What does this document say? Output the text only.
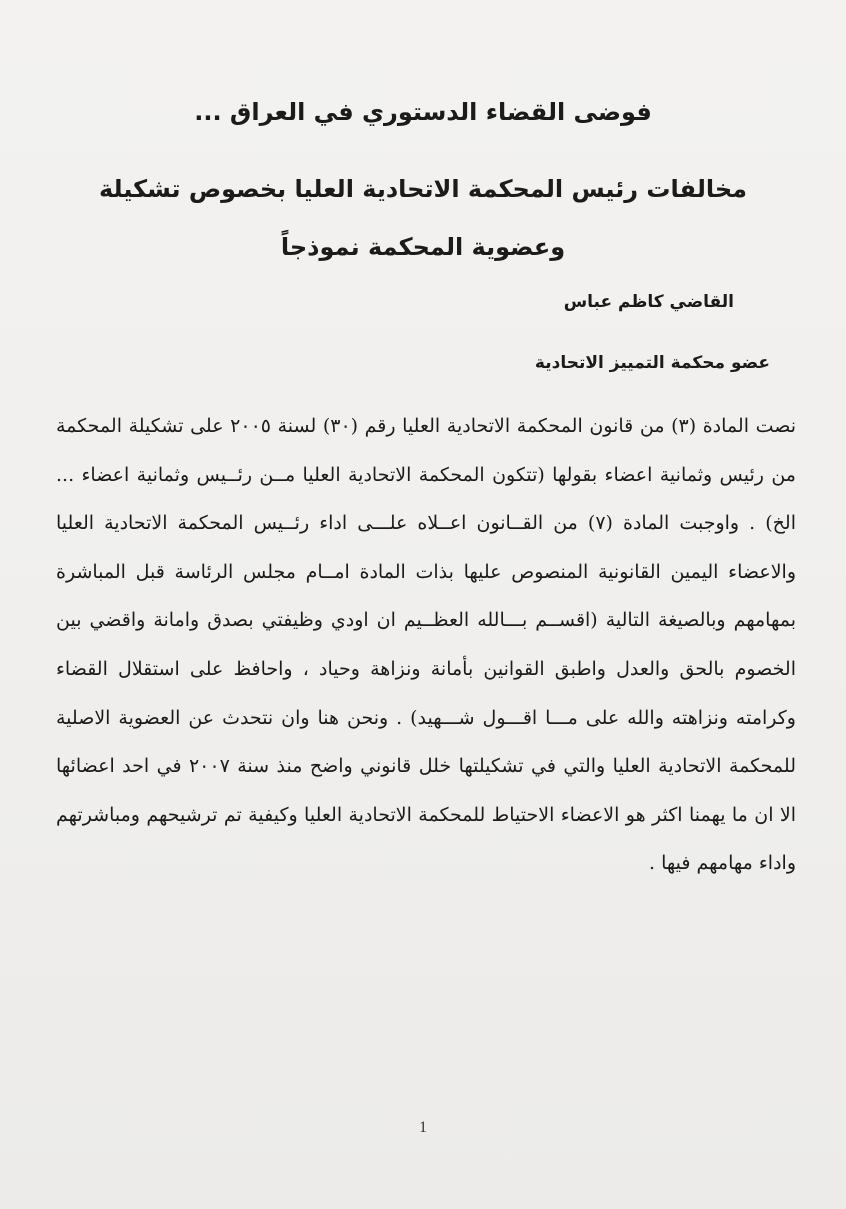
فوضى القضاء الدستوري في العراق ...
مخالفات رئيس المحكمة الاتحادية العليا بخصوص تشكيلة وعضوية المحكمة نموذجاً
القاضي كاظم عباس
عضو محكمة التمييز الاتحادية

نصت المادة (٣) من قانون المحكمة الاتحادية العليا رقم (٣٠) لسنة ٢٠٠٥ على تشكيلة المحكمة من رئيس وثمانية اعضاء بقولها (تتكون المحكمة الاتحادية العليا مــن رئــيس وثمانية اعضاء ... الخ) . واوجبت المادة (٧) من القــانون اعــلاه علـــى اداء رئــيس المحكمة الاتحادية العليا والاعضاء اليمين القانونية المنصوص عليها بذات المادة امــام مجلس الرئاسة قبل المباشرة بمهامهم وبالصيغة التالية (اقســم بـــالله العظــيم ان اودي وظيفتي بصدق وامانة واقضي بين الخصوم بالحق والعدل واطبق القوانين بأمانة ونزاهة وحياد ، واحافظ على استقلال القضاء وكرامته ونزاهته والله على مـــا اقـــول شـــهيد) . ونحن هنا وان نتحدث عن العضوية الاصلية للمحكمة الاتحادية العليا والتي في تشكيلتها خلل قانوني واضح منذ سنة ٢٠٠٧ في احد اعضائها الا ان ما يهمنا اكثر هو الاعضاء الاحتياط للمحكمة الاتحادية العليا وكيفية تم ترشيحهم ومباشرتهم واداء مهامهم فيها .

1
